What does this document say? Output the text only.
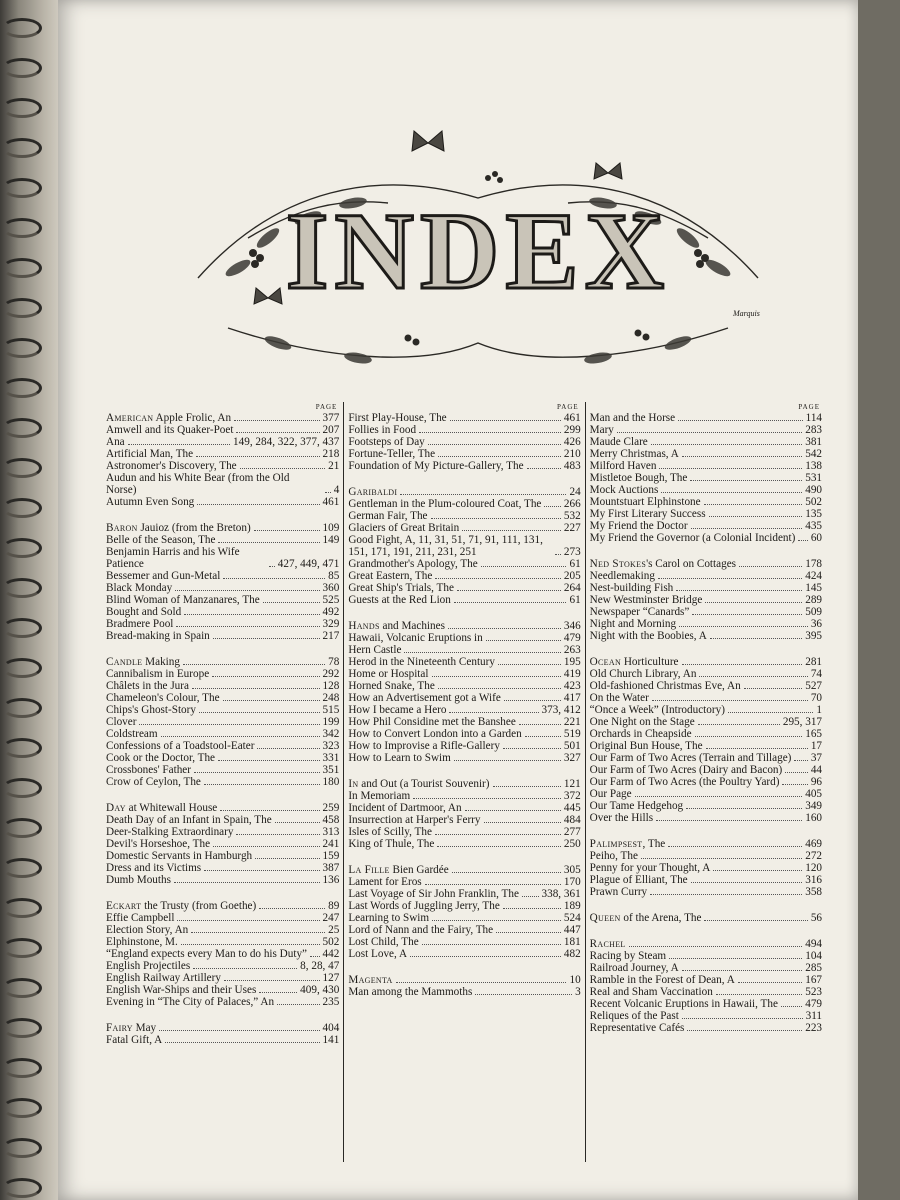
INDEX
Marquis
PAGE
American Apple Frolic, An	377
Amwell and its Quaker-Poet	207
Ana	149, 284, 322, 377, 437
Artificial Man, The	218
Astronomer's Discovery, The	21
Audun and his White Bear (from the Old Norse)	4
Autumn Even Song	461
Baron Jauioz (from the Breton)	109
Belle of the Season, The	149
Benjamin Harris and his Wife Patience	427, 449, 471
Bessemer and Gun-Metal	85
Black Monday	360
Blind Woman of Manzanares, The	525
Bought and Sold	492
Bradmere Pool	329
Bread-making in Spain	217
Candle Making	78
Cannibalism in Europe	292
Châlets in the Jura	128
Chameleon's Colour, The	248
Chips's Ghost-Story	515
Clover	199
Coldstream	342
Confessions of a Toadstool-Eater	323
Cook or the Doctor, The	331
Crossbones' Father	351
Crow of Ceylon, The	180
Day at Whitewall House	259
Death Day of an Infant in Spain, The	458
Deer-Stalking Extraordinary	313
Devil's Horseshoe, The	241
Domestic Servants in Hamburgh	159
Dress and its Victims	387
Dumb Mouths	136
Eckart the Trusty (from Goethe)	89
Effie Campbell	247
Election Story, An	25
Elphinstone, M.	502
“England expects every Man to do his Duty” 442
English Projectiles	8, 28, 47
English Railway Artillery	127
English War-Ships and their Uses	409, 430
Evening in “The City of Palaces,” An	235
Fairy May	404
Fatal Gift, A	141
PAGE
First Play-House, The	461
Follies in Food	299
Footsteps of Day	426
Fortune-Teller, The	210
Foundation of My Picture-Gallery, The	483
Garibaldi	24
Gentleman in the Plum-coloured Coat, The 266
German Fair, The	532
Glaciers of Great Britain	227
Good Fight, A, 11, 31, 51, 71, 91, 111, 131, 151, 171, 191, 211, 231, 251	273
Grandmother's Apology, The	61
Great Eastern, The	205
Great Ship's Trials, The	264
Guests at the Red Lion	61
Hands and Machines	346
Hawaii, Volcanic Eruptions in	479
Hern Castle	263
Herod in the Nineteenth Century	195
Home or Hospital	419
Horned Snake, The	423
How an Advertisement got a Wife	417
How I became a Hero	373, 412
How Phil Considine met the Banshee	221
How to Convert London into a Garden	519
How to Improvise a Rifle-Gallery	501
How to Learn to Swim	327
In and Out (a Tourist Souvenir)	121
In Memoriam	372
Incident of Dartmoor, An	445
Insurrection at Harper's Ferry	484
Isles of Scilly, The	277
King of Thule, The	250
La Fille Bien Gardée	305
Lament for Eros	170
Last Voyage of Sir John Franklin, The 338, 361
Last Words of Juggling Jerry, The	189
Learning to Swim	524
Lord of Nann and the Fairy, The	447
Lost Child, The	181
Lost Love, A	482
Magenta	10
Man among the Mammoths	3
PAGE
Man and the Horse	114
Mary	283
Maude Clare	381
Merry Christmas, A	542
Milford Haven	138
Mistletoe Bough, The	531
Mock Auctions	490
Mountstuart Elphinstone	502
My First Literary Success	135
My Friend the Doctor	435
My Friend the Governor (a Colonial Incident) 60
Ned Stokes's Carol on Cottages	178
Needlemaking	424
Nest-building Fish	145
New Westminster Bridge	289
Newspaper “Canards”	509
Night and Morning	36
Night with the Boobies, A	395
Ocean Horticulture	281
Old Church Library, An	74
Old-fashioned Christmas Eve, An	527
On the Water	70
“Once a Week” (Introductory)	1
One Night on the Stage	295, 317
Orchards in Cheapside	165
Original Bun House, The	17
Our Farm of Two Acres (Terrain and Tillage) 37
Our Farm of Two Acres (Dairy and Bacon)	44
Our Farm of Two Acres (the Poultry Yard)	96
Our Page	405
Our Tame Hedgehog	349
Over the Hills	160
Palimpsest, The	469
Peiho, The	272
Penny for your Thought, A	120
Plague of Elliant, The	316
Prawn Curry	358
Queen of the Arena, The	56
Rachel	494
Racing by Steam	104
Railroad Journey, A	285
Ramble in the Forest of Dean, A	167
Real and Sham Vaccination	523
Recent Volcanic Eruptions in Hawaii, The 479
Reliques of the Past	311
Representative Cafés	223
